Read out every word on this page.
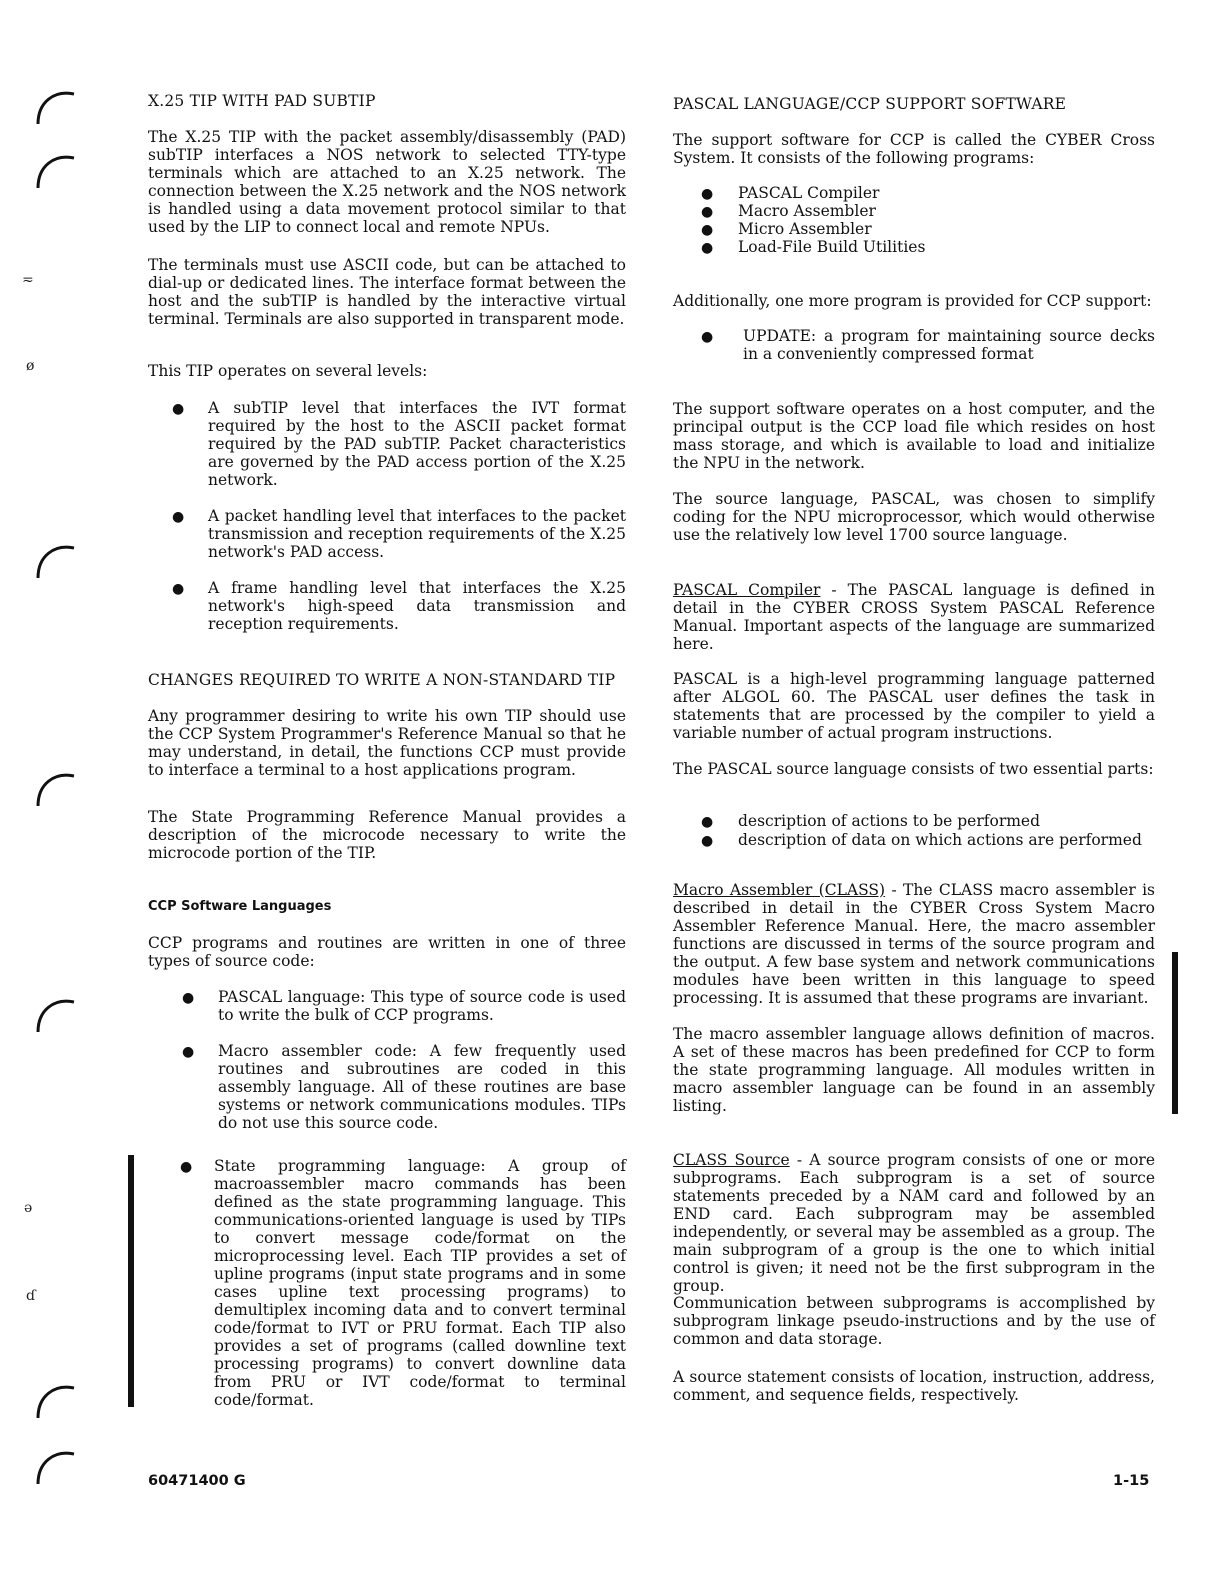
≂
ø
ə
ɗ

X.25 TIP WITH PAD SUBTIP

The X.25 TIP with the packet assembly/disassembly (PAD) subTIP interfaces a NOS network to selected TTY-type terminals which are attached to an X.25 network. The connection between the X.25 network and the NOS network is handled using a data movement protocol similar to that used by the LIP to connect local and remote NPUs.

The terminals must use ASCII code, but can be attached to dial-up or dedicated lines. The interface format between the host and the subTIP is handled by the interactive virtual terminal. Terminals are also supported in transparent mode.

This TIP operates on several levels:

● A subTIP level that interfaces the IVT format required by the host to the ASCII packet format required by the PAD subTIP. Packet characteristics are governed by the PAD access portion of the X.25 network.
● A packet handling level that interfaces to the packet transmission and reception requirements of the X.25 network's PAD access.
● A frame handling level that interfaces the X.25 network's high-speed data transmission and reception requirements.

CHANGES REQUIRED TO WRITE A NON-STANDARD TIP

Any programmer desiring to write his own TIP should use the CCP System Programmer's Reference Manual so that he may understand, in detail, the functions CCP must provide to interface a terminal to a host applications program.

The State Programming Reference Manual provides a description of the microcode necessary to write the microcode portion of the TIP.

CCP Software Languages

CCP programs and routines are written in one of three types of source code:

● PASCAL language: This type of source code is used to write the bulk of CCP programs.
● Macro assembler code: A few frequently used routines and subroutines are coded in this assembly language. All of these routines are base systems or network communications modules. TIPs do not use this source code.
● State programming language: A group of macroassembler macro commands has been defined as the state programming language. This communications-oriented language is used by TIPs to convert message code/format on the microprocessing level. Each TIP provides a set of upline programs (input state programs and in some cases upline text processing programs) to demultiplex incoming data and to convert terminal code/format to IVT or PRU format. Each TIP also provides a set of programs (called downline text processing programs) to convert downline data from PRU or IVT code/format to terminal code/format.

PASCAL LANGUAGE/CCP SUPPORT SOFTWARE

The support software for CCP is called the CYBER Cross System. It consists of the following programs:

● PASCAL Compiler
● Macro Assembler
● Micro Assembler
● Load-File Build Utilities

Additionally, one more program is provided for CCP support:

● UPDATE: a program for maintaining source decks in a conveniently compressed format

The support software operates on a host computer, and the principal output is the CCP load file which resides on host mass storage, and which is available to load and initialize the NPU in the network.

The source language, PASCAL, was chosen to simplify coding for the NPU microprocessor, which would otherwise use the relatively low level 1700 source language.

PASCAL Compiler - The PASCAL language is defined in detail in the CYBER CROSS System PASCAL Reference Manual. Important aspects of the language are summarized here.

PASCAL is a high-level programming language patterned after ALGOL 60. The PASCAL user defines the task in statements that are processed by the compiler to yield a variable number of actual program instructions.

The PASCAL source language consists of two essential parts:

● description of actions to be performed
● description of data on which actions are performed

Macro Assembler (CLASS) - The CLASS macro assembler is described in detail in the CYBER Cross System Macro Assembler Reference Manual. Here, the macro assembler functions are discussed in terms of the source program and the output. A few base system and network communications modules have been written in this language to speed processing. It is assumed that these programs are invariant.

The macro assembler language allows definition of macros. A set of these macros has been predefined for CCP to form the state programming language. All modules written in macro assembler language can be found in an assembly listing.

CLASS Source - A source program consists of one or more subprograms. Each subprogram is a set of source statements preceded by a NAM card and followed by an END card. Each subprogram may be assembled independently, or several may be assembled as a group. The main subprogram of a group is the one to which initial control is given; it need not be the first subprogram in the group.

Communication between subprograms is accomplished by subprogram linkage pseudo-instructions and by the use of common and data storage.

A source statement consists of location, instruction, address, comment, and sequence fields, respectively.

60471400 G	1-15
